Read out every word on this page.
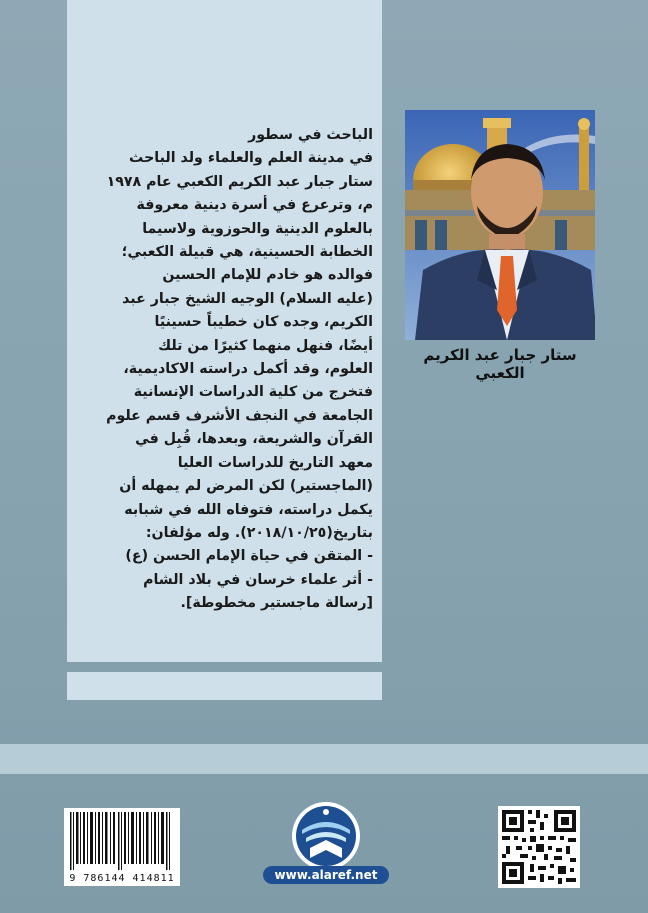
الباحث في سطور
في مدينة العلم والعلماء ولد الباحث
ستار جبار عبد الكريم الكعبي عام ١٩٧٨
م، وترعرع في أسرة دينية معروفة
بالعلوم الدينية والحوزوية ولاسيما
الخطابة الحسينية، هي قبيلة الكعبي؛
فوالده هو خادم للإمام الحسين
(عليه السلام) الوجيه الشيخ جبار عبد
الكريم، وجده كان خطيباً حسينيًا
أيضًا، فنهل منهما كثيرًا من تلك
العلوم، وقد أكمل دراسته الاكاديمية،
فتخرج من كلية الدراسات الإنسانية
الجامعة في النجف الأشرف قسم علوم
القرآن والشريعة، وبعدها، قُبِل في
معهد التاريخ للدراسات العليا
(الماجستير) لكن المرض لم يمهله أن
يكمل دراسته، فتوفاه الله في شبابه
بتاريخ(٢٠١٨/١٠/٢٥). وله مؤلفان:
- المتقن في حياة الإمام الحسن (ع)
- أثر علماء خرسان في بلاد الشام
[رسالة ماجستير مخطوطة].
ستار جبار عبد الكريم الكعبي
9 786144 414811	www.alaref.net
